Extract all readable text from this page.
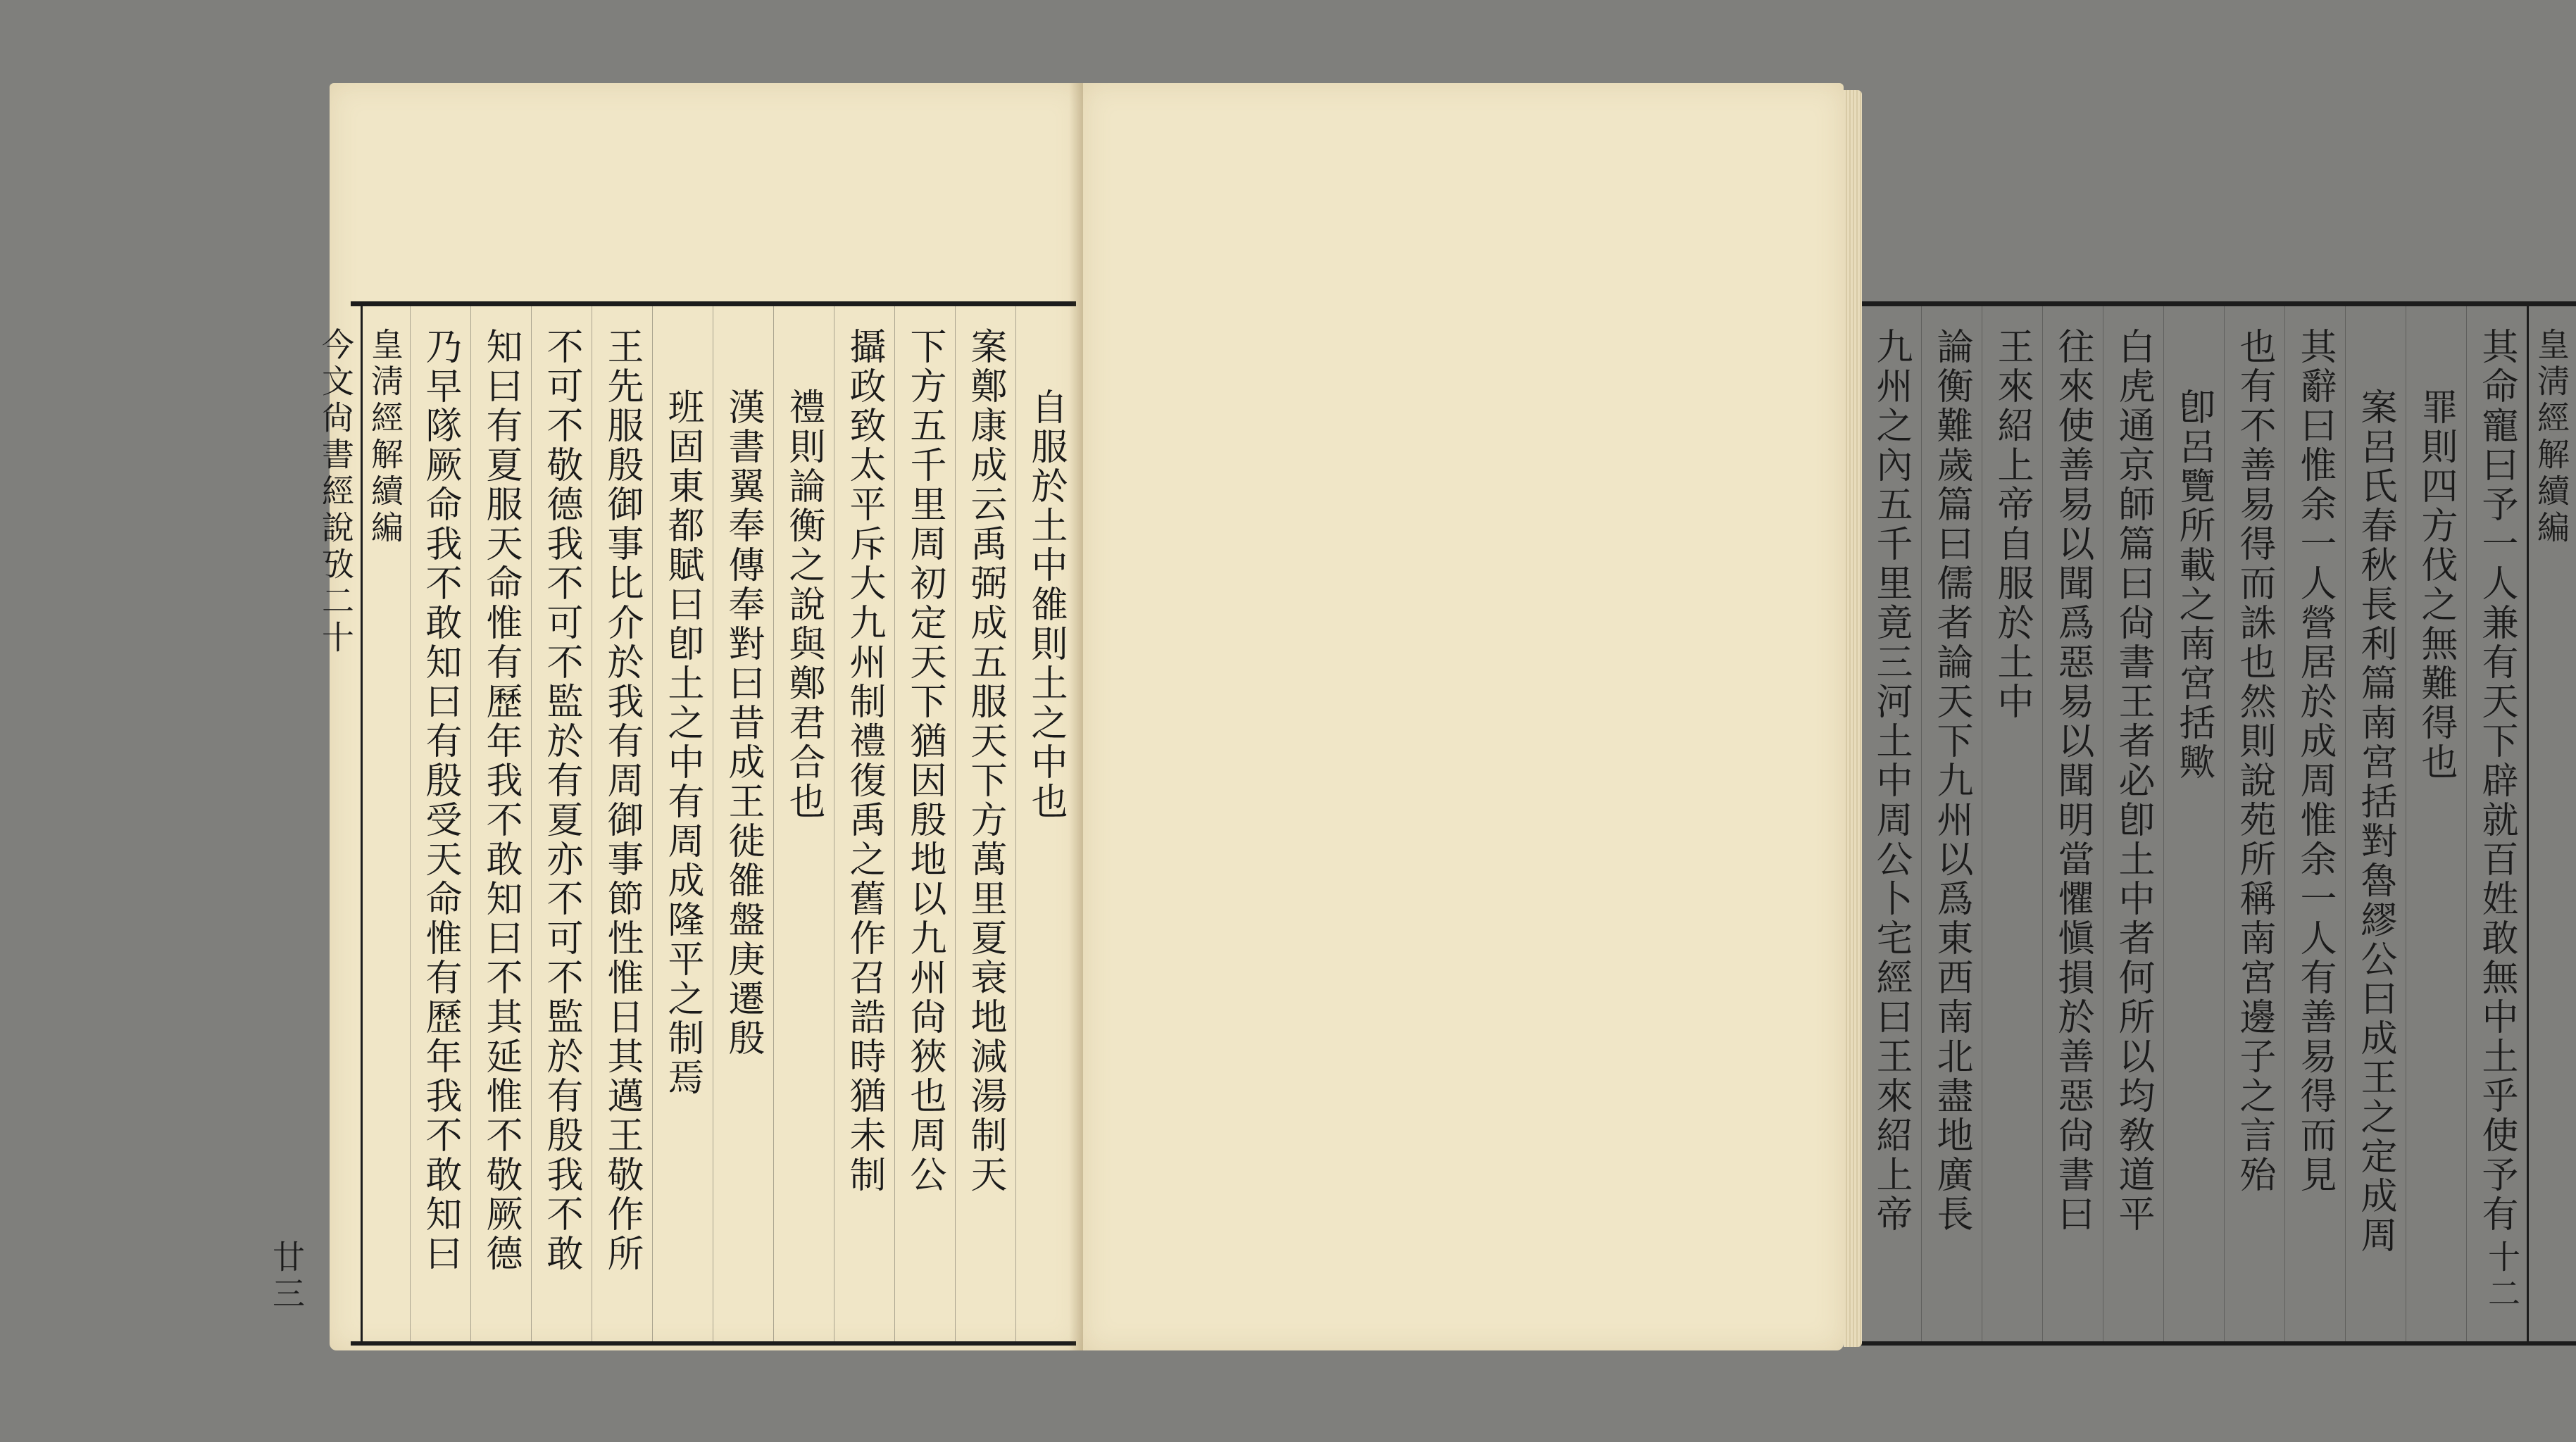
自服於土中雒則土之中也
案鄭康成云禹弼成五服天下方萬里夏衰地減湯制天
下方五千里周初定天下猶因殷地以九州尙狹也周公
攝政致太平斥大九州制禮復禹之舊作召誥時猶未制
禮則論衡之說與鄭君合也
漢書翼奉傳奉對曰昔成王徙雒盤庚遷殷
班固東都賦曰卽土之中有周成隆平之制焉
王先服殷御事比介於我有周御事節性惟日其邁王敬作所
不可不敬德我不可不監於有夏亦不可不監於有殷我不敢
知曰有夏服天命惟有歷年我不敢知曰不其延惟不敬厥德
乃早隊厥命我不敢知曰有殷受天命惟有歷年我不敢知曰
皇淸經解續編
今文尙書經說攷二十
廿三
皇淸經解續編
十二
其命寵曰予一人兼有天下辟就百姓敢無中土乎使予有
罪則四方伐之無難得也
案呂氏春秋長利篇南宮括對魯繆公曰成王之定成周
其辭曰惟余一人營居於成周惟余一人有善易得而見
也有不善易得而誅也然則說苑所稱南宮邊子之言殆
卽呂覽所載之南宮括歟
白虎通京師篇曰尙書王者必卽土中者何所以均敎道平
往來使善易以聞爲惡易以聞明當懼愼損於善惡尙書曰
王來紹上帝自服於土中
論衡難歲篇曰儒者論天下九州以爲東西南北盡地廣長
九州之內五千里竟三河土中周公卜宅經曰王來紹上帝
